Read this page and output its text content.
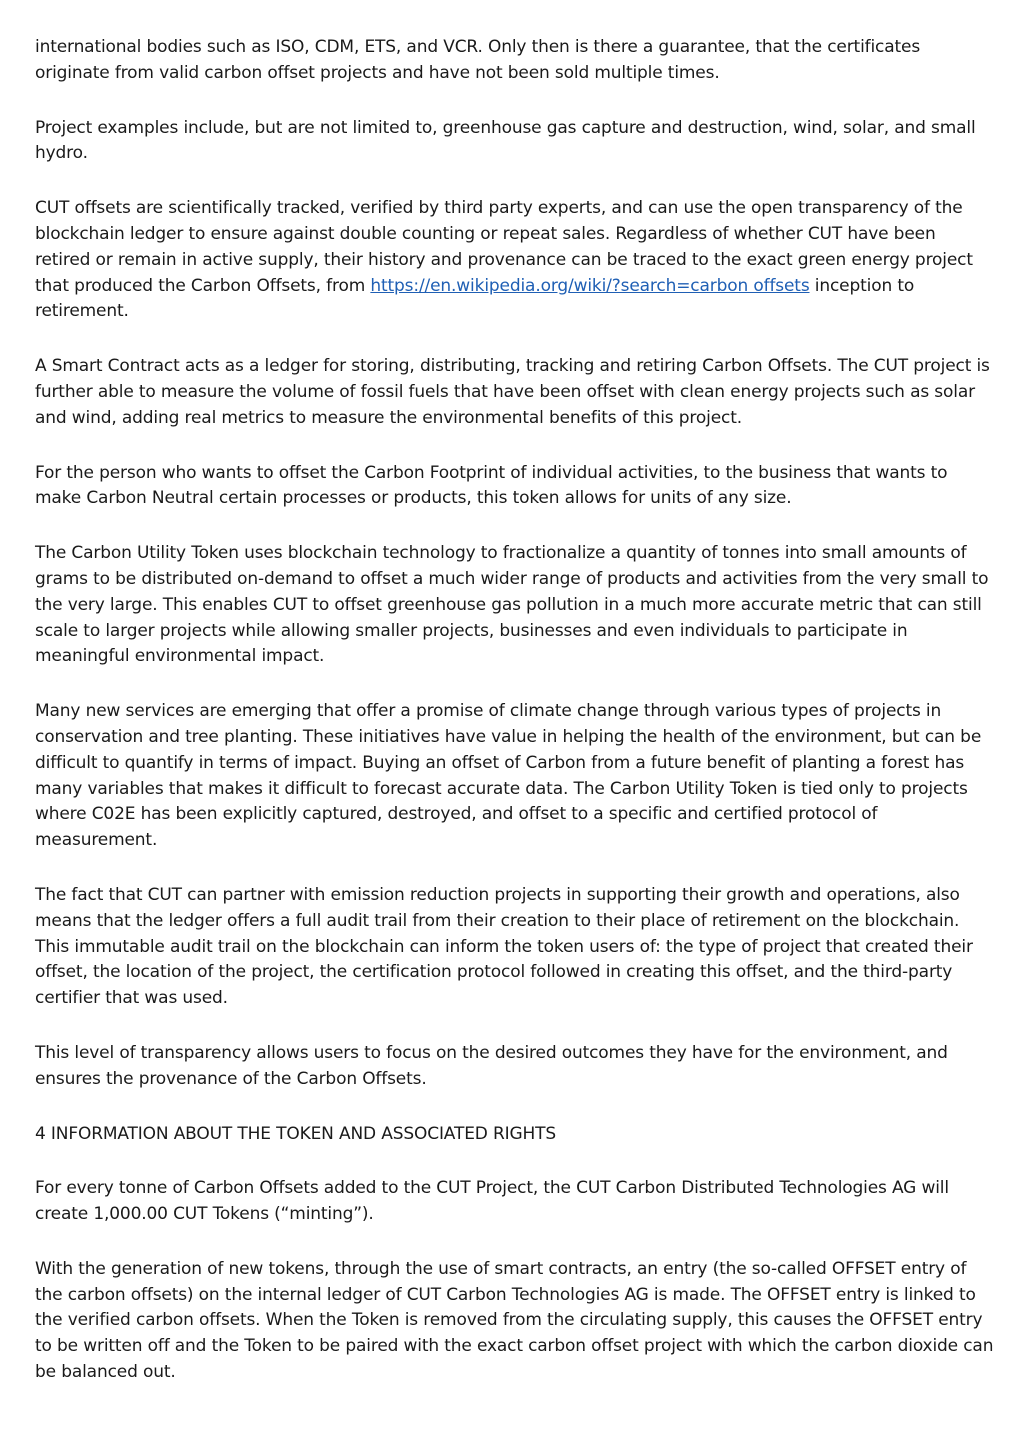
international bodies such as ISO, CDM, ETS, and VCR. Only then is there a guarantee, that the certificates originate from valid carbon offset projects and have not been sold multiple times.

Project examples include, but are not limited to, greenhouse gas capture and destruction, wind, solar, and small hydro.

CUT offsets are scientifically tracked, verified by third party experts, and can use the open transparency of the blockchain ledger to ensure against double counting or repeat sales. Regardless of whether CUT have been retired or remain in active supply, their history and provenance can be traced to the exact green energy project that produced the Carbon Offsets, from https://en.wikipedia.org/wiki/?search=carbon offsets inception to retirement.

A Smart Contract acts as a ledger for storing, distributing, tracking and retiring Carbon Offsets. The CUT project is further able to measure the volume of fossil fuels that have been offset with clean energy projects such as solar and wind, adding real metrics to measure the environmental benefits of this project.

For the person who wants to offset the Carbon Footprint of individual activities, to the business that wants to make Carbon Neutral certain processes or products, this token allows for units of any size.

The Carbon Utility Token uses blockchain technology to fractionalize a quantity of tonnes into small amounts of grams to be distributed on-demand to offset a much wider range of products and activities from the very small to the very large. This enables CUT to offset greenhouse gas pollution in a much more accurate metric that can still scale to larger projects while allowing smaller projects, businesses and even individuals to participate in meaningful environmental impact.

Many new services are emerging that offer a promise of climate change through various types of projects in conservation and tree planting. These initiatives have value in helping the health of the environment, but can be difficult to quantify in terms of impact. Buying an offset of Carbon from a future benefit of planting a forest has many variables that makes it difficult to forecast accurate data. The Carbon Utility Token is tied only to projects where C02E has been explicitly captured, destroyed, and offset to a specific and certified protocol of measurement.

The fact that CUT can partner with emission reduction projects in supporting their growth and operations, also means that the ledger offers a full audit trail from their creation to their place of retirement on the blockchain. This immutable audit trail on the blockchain can inform the token users of: the type of project that created their offset, the location of the project, the certification protocol followed in creating this offset, and the third-party certifier that was used.

This level of transparency allows users to focus on the desired outcomes they have for the environment, and ensures the provenance of the Carbon Offsets.

4 INFORMATION ABOUT THE TOKEN AND ASSOCIATED RIGHTS

For every tonne of Carbon Offsets added to the CUT Project, the CUT Carbon Distributed Technologies AG will create 1,000.00 CUT Tokens (“minting”).

With the generation of new tokens, through the use of smart contracts, an entry (the so-called OFFSET entry of the carbon offsets) on the internal ledger of CUT Carbon Technologies AG is made. The OFFSET entry is linked to the verified carbon offsets. When the Token is removed from the circulating supply, this causes the OFFSET entry to be written off and the Token to be paired with the exact carbon offset project with which the carbon dioxide can be balanced out.
